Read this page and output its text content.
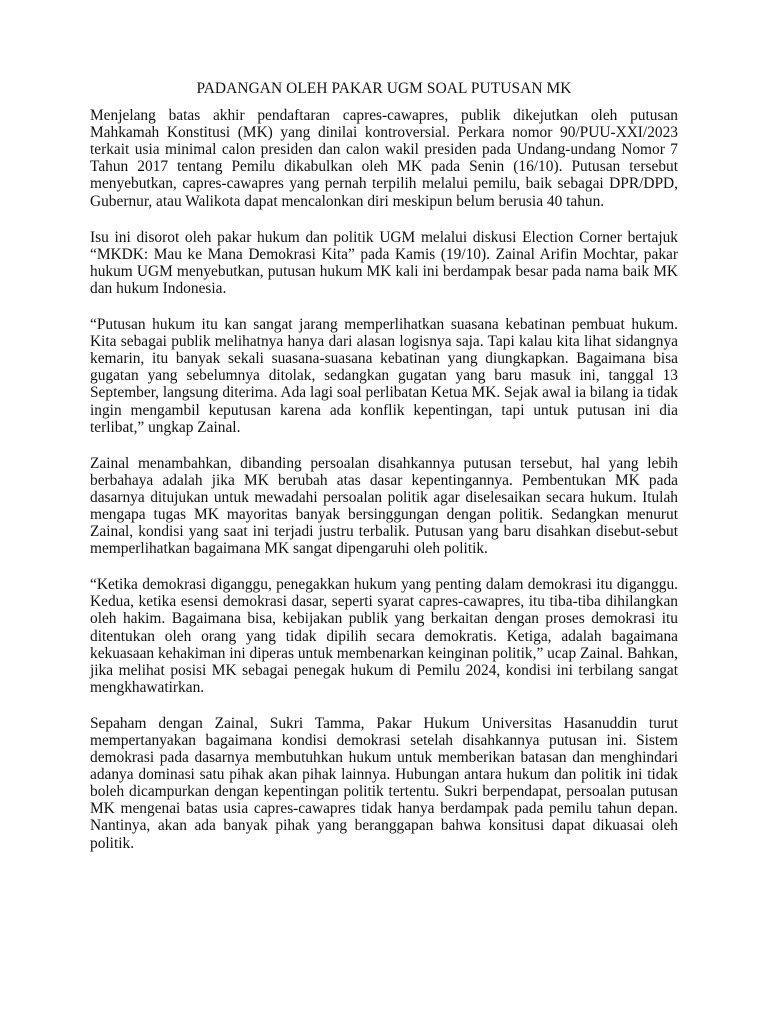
PADANGAN OLEH PAKAR UGM SOAL PUTUSAN MK

Menjelang batas akhir pendaftaran capres-cawapres, publik dikejutkan oleh putusan Mahkamah Konstitusi (MK) yang dinilai kontroversial. Perkara nomor 90/PUU-XXI/2023 terkait usia minimal calon presiden dan calon wakil presiden pada Undang-undang Nomor 7 Tahun 2017 tentang Pemilu dikabulkan oleh MK pada Senin (16/10). Putusan tersebut menyebutkan, capres-cawapres yang pernah terpilih melalui pemilu, baik sebagai DPR/DPD, Gubernur, atau Walikota dapat mencalonkan diri meskipun belum berusia 40 tahun.

Isu ini disorot oleh pakar hukum dan politik UGM melalui diskusi Election Corner bertajuk “MKDK: Mau ke Mana Demokrasi Kita” pada Kamis (19/10). Zainal Arifin Mochtar, pakar hukum UGM menyebutkan, putusan hukum MK kali ini berdampak besar pada nama baik MK dan hukum Indonesia.

“Putusan hukum itu kan sangat jarang memperlihatkan suasana kebatinan pembuat hukum. Kita sebagai publik melihatnya hanya dari alasan logisnya saja. Tapi kalau kita lihat sidangnya kemarin, itu banyak sekali suasana-suasana kebatinan yang diungkapkan. Bagaimana bisa gugatan yang sebelumnya ditolak, sedangkan gugatan yang baru masuk ini, tanggal 13 September, langsung diterima. Ada lagi soal perlibatan Ketua MK. Sejak awal ia bilang ia tidak ingin mengambil keputusan karena ada konflik kepentingan, tapi untuk putusan ini dia terlibat,” ungkap Zainal.

Zainal menambahkan, dibanding persoalan disahkannya putusan tersebut, hal yang lebih berbahaya adalah jika MK berubah atas dasar kepentingannya. Pembentukan MK pada dasarnya ditujukan untuk mewadahi persoalan politik agar diselesaikan secara hukum. Itulah mengapa tugas MK mayoritas banyak bersinggungan dengan politik. Sedangkan menurut Zainal, kondisi yang saat ini terjadi justru terbalik. Putusan yang baru disahkan disebut-sebut memperlihatkan bagaimana MK sangat dipengaruhi oleh politik.

“Ketika demokrasi diganggu, penegakkan hukum yang penting dalam demokrasi itu diganggu. Kedua, ketika esensi demokrasi dasar, seperti syarat capres-cawapres, itu tiba-tiba dihilangkan oleh hakim. Bagaimana bisa, kebijakan publik yang berkaitan dengan proses demokrasi itu ditentukan oleh orang yang tidak dipilih secara demokratis. Ketiga, adalah bagaimana kekuasaan kehakiman ini diperas untuk membenarkan keinginan politik,” ucap Zainal. Bahkan, jika melihat posisi MK sebagai penegak hukum di Pemilu 2024, kondisi ini terbilang sangat mengkhawatirkan.

Sepaham dengan Zainal, Sukri Tamma, Pakar Hukum Universitas Hasanuddin turut mempertanyakan bagaimana kondisi demokrasi setelah disahkannya putusan ini. Sistem demokrasi pada dasarnya membutuhkan hukum untuk memberikan batasan dan menghindari adanya dominasi satu pihak akan pihak lainnya. Hubungan antara hukum dan politik ini tidak boleh dicampurkan dengan kepentingan politik tertentu. Sukri berpendapat, persoalan putusan MK mengenai batas usia capres-cawapres tidak hanya berdampak pada pemilu tahun depan. Nantinya, akan ada banyak pihak yang beranggapan bahwa konsitusi dapat dikuasai oleh politik.
